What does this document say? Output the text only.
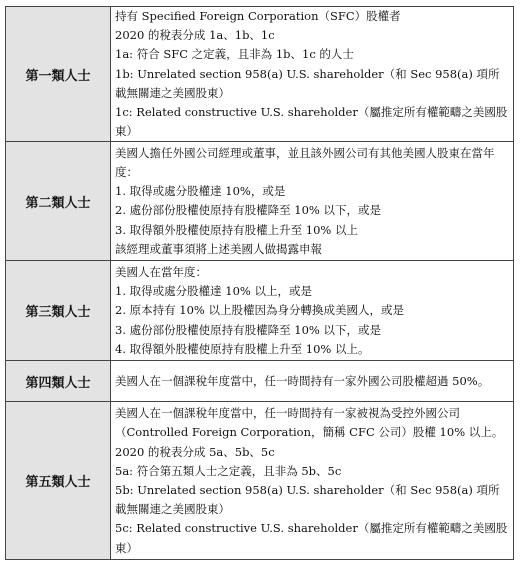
第一類人士	持有 Specified Foreign Corporation（SFC）股權者
2020 的稅表分成 1a、1b、1c
1a: 符合 SFC 之定義，且非為 1b、1c 的人士
1b: Unrelated section 958(a) U.S. shareholder（和 Sec 958(a) 項所載無關連之美國股東）
1c: Related constructive U.S. shareholder（屬推定所有權範疇之美國股東）

第二類人士	美國人擔任外國公司經理或董事，並且該外國公司有其他美國人股東在當年度：
1. 取得或處分股權達 10%，或是
2. 處份部份股權使原持有股權降至 10% 以下，或是
3. 取得額外股權使原持有股權上升至 10% 以上
該經理或董事須將上述美國人做揭露申報

第三類人士	美國人在當年度：
1. 取得或處分股權達 10% 以上，或是
2. 原本持有 10% 以上股權因為身分轉換成美國人，或是
3. 處份部份股權使原持有股權降至 10% 以下，或是
4. 取得額外股權使原持有股權上升至 10% 以上。

第四類人士	美國人在一個課稅年度當中，任一時間持有一家外國公司股權超過 50%。

第五類人士	美國人在一個課稅年度當中，任一時間持有一家被視為受控外國公司（Controlled Foreign Corporation，簡稱 CFC 公司）股權 10% 以上。
2020 的稅表分成 5a、5b、5c
5a: 符合第五類人士之定義，且非為 5b、5c
5b: Unrelated section 958(a) U.S. shareholder（和 Sec 958(a) 項所載無關連之美國股東）
5c: Related constructive U.S. shareholder（屬推定所有權範疇之美國股東）
